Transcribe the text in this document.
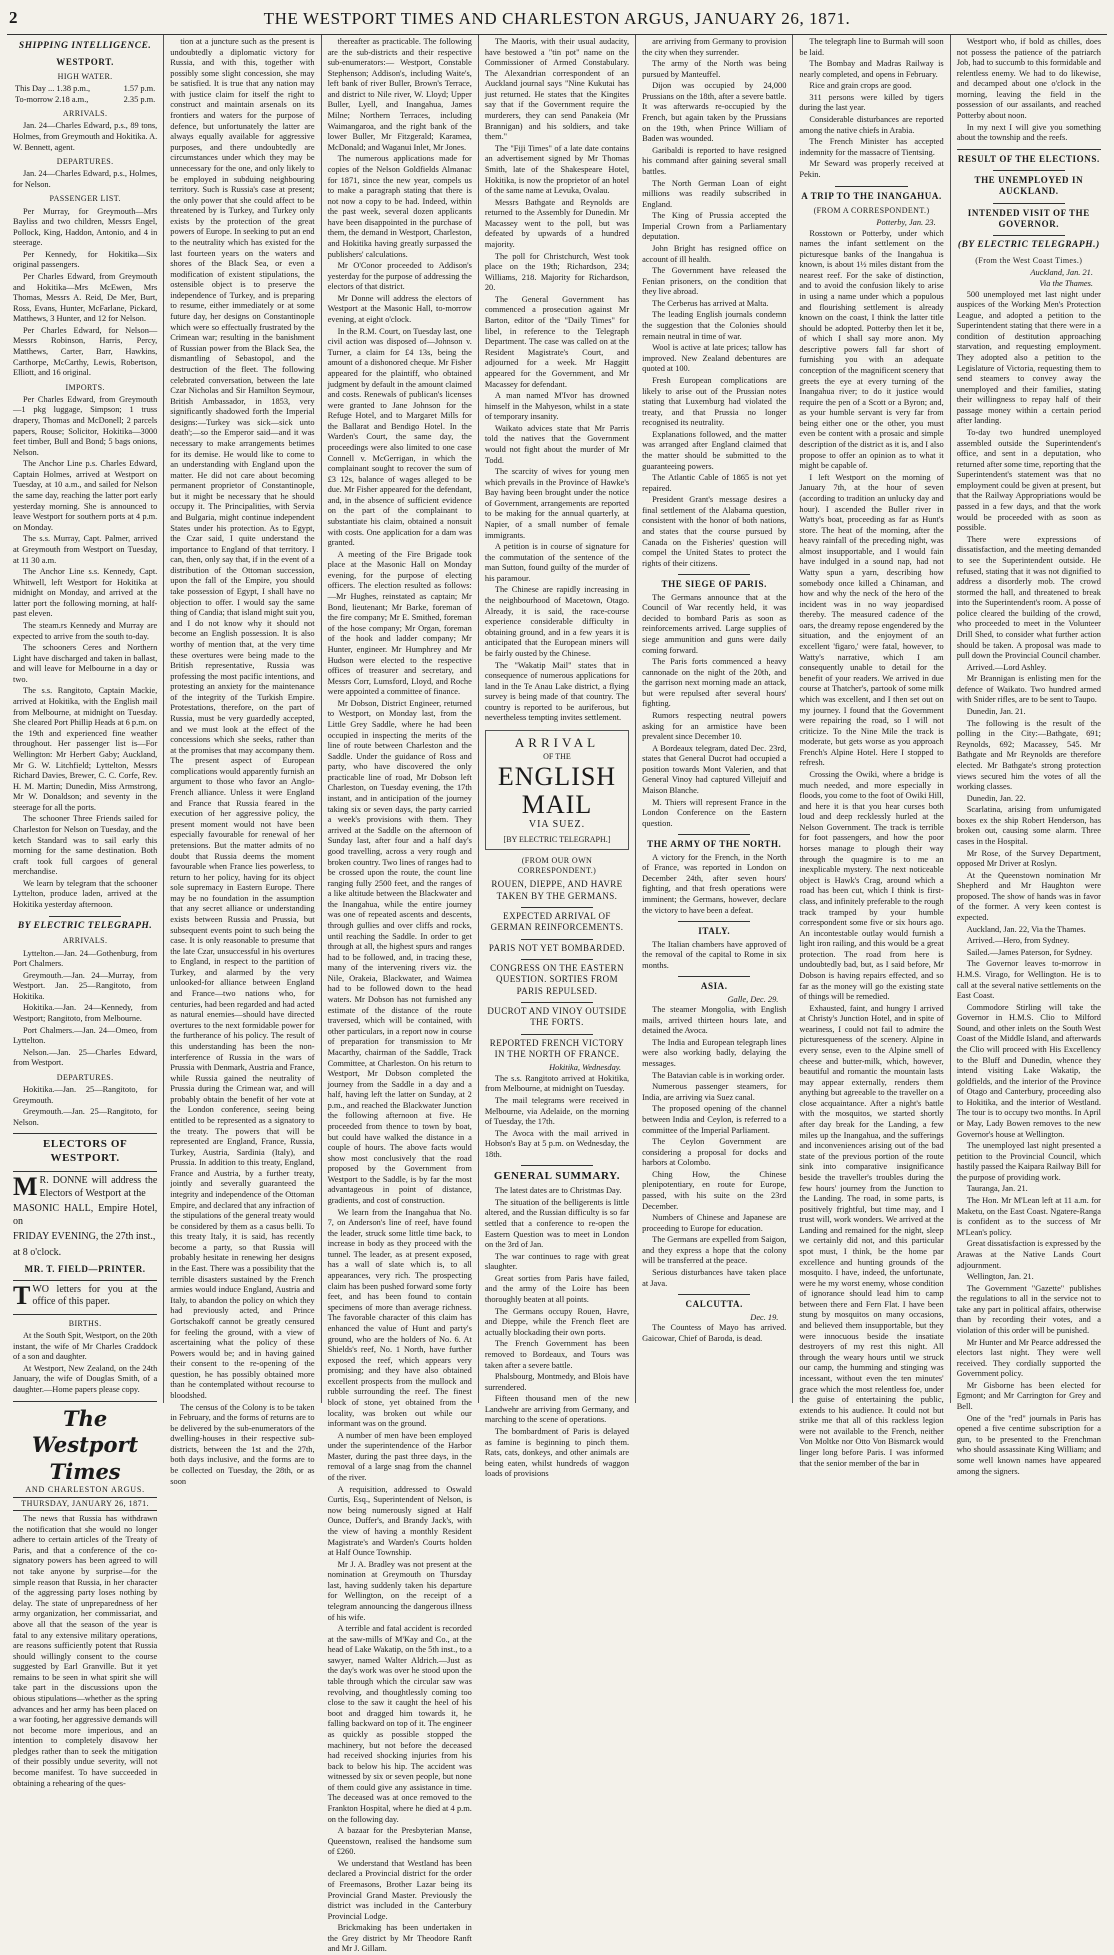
2	THE WESTPORT TIMES AND CHARLESTON ARGUS, JANUARY 26, 1871.
SHIPPING INTELLIGENCE.
WESTPORT.
HIGH WATER.
This Day ... 1.38 p.m.,	1.57 p.m.
To-morrow 2.18 a.m.,	2.35 p.m.
ARRIVALS.

Jan. 24—Charles Edward, p.s., 89 tons, Holmes, from Greymouth and Hokitika. A. W. Bennett, agent.

DEPARTURES.

Jan. 24—Charles Edward, p.s., Holmes, for Nelson.

PASSENGER LIST.

Per Murray, for Greymouth—Mrs Bayliss and two children, Messrs Engel, Pollock, King, Haddon, Antonio, and 4 in steerage.

Per Kennedy, for Hokitika—Six original passengers.

Per Charles Edward, from Greymouth and Hokitika—Mrs McEwen, Mrs Thomas, Messrs A. Reid, De Mer, Burt, Ross, Evans, Hunter, McFarlane, Pickard, Matthews, 3 Hunter, and 12 for Nelson.

Per Charles Edward, for Nelson—Messrs Robinson, Harris, Percy, Matthews, Carter, Barr, Hawkins, Carthorpe, McCarthy, Lewis, Robertson, Elliott, and 16 original.

IMPORTS.

Per Charles Edward, from Greymouth—1 pkg luggage, Simpson; 1 truss drapery, Thomas and McDonell; 2 parcels papers, Rouse; Solicitor, Hokitika—3000 feet timber, Bull and Bond; 5 bags onions, Nelson.

The Anchor Line p.s. Charles Edward, Captain Holmes, arrived at Westport on Tuesday, at 10 a.m., and sailed for Nelson the same day, reaching the latter port early yesterday morning. She is announced to leave Westport for southern ports at 4 p.m. on Monday.

The s.s. Murray, Capt. Palmer, arrived at Greymouth from Westport on Tuesday, at 11 30 a.m.

The Anchor Line s.s. Kennedy, Capt. Whitwell, left Westport for Hokitika at midnight on Monday, and arrived at the latter port the following morning, at half-past eleven.

The steam.rs Kennedy and Murray are expected to arrive from the south to-day.

The schooners Ceres and Northern Light have discharged and taken in ballast, and will leave for Melbourne in a day or two.

The s.s. Rangitoto, Captain Mackie, arrived at Hokitika, with the English mail from Melbourne, at midnight on Tuesday. She cleared Port Phillip Heads at 6 p.m. on the 19th and experienced fine weather throughout. Her passenger list is—For Wellington: Mr Herbert Gaby; Auckland, Mr G. W. Litchfield; Lyttelton, Messrs Richard Davies, Brewer, C. C. Corfe, Rev. H. M. Martin; Dunedin, Miss Armstrong, Mr W. Donaldson; and seventy in the steerage for all the ports.

The schooner Three Friends sailed for Charleston for Nelson on Tuesday, and the ketch Standard was to sail early this morning for the same destination. Both craft took full cargoes of general merchandise.

We learn by telegram that the schooner Lyttelton, produce laden, arrived at the Hokitika yesterday afternoon.

BY ELECTRIC TELEGRAPH.
ARRIVALS.

Lyttelton.—Jan. 24—Gothenburg, from Port Chalmers.

Greymouth.—Jan. 24—Murray, from Westport. Jan. 25—Rangitoto, from Hokitika.

Hokitika.—Jan. 24—Kennedy, from Westport; Rangitoto, from Melbourne.

Port Chalmers.—Jan. 24—Omeo, from Lyttelton.

Nelson.—Jan. 25—Charles Edward, from Westport.

DEPARTURES.

Hokitika.—Jan. 25—Rangitoto, for Greymouth.

Greymouth.—Jan. 25—Rangitoto, for Nelson.

ELECTORS OF WESTPORT.

M R. DONNE will address the Electors of Westport at the

MASONIC HALL, Empire Hotel, on

FRIDAY EVENING, the 27th inst.,

at 8 o'clock.

MR. T. FIELD—PRINTER.

TWO letters for you at the office of this paper.

BIRTHS.

At the South Spit, Westport, on the 20th instant, the wife of Mr Charles Craddock of a son and daughter.

At Westport, New Zealand, on the 24th January, the wife of Douglas Smith, of a daughter.—Home papers please copy.

The Westport Times
AND CHARLESTON ARGUS.
THURSDAY, JANUARY 26, 1871.

The news that Russia has withdrawn the notification that she would no longer adhere to certain articles of the Treaty of Paris, and that a conference of the co-signatory powers has been agreed to will not take anyone by surprise—for the simple reason that Russia, in her character of the aggressing party loses nothing by delay. The state of unpreparedness of her army organization, her commissariat, and above all that the season of the year is fatal to any extensive military operations, are reasons sufficiently potent that Russia should willingly consent to the course suggested by Earl Granville. But it yet remains to be seen in what spirit she will take part in the discussions upon the obious stipulations—whether as the spring advances and her army has been placed on a war footing, her aggressive demands will not become more imperious, and an intention to completely disavow her pledges rather than to seek the mitigation of their possibly undue severity, will not become manifest. To have succeeded in obtaining a rehearing of the ques-

tion at a juncture such as the present is undoubtedly a diplomatic victory for Russia, and with this, together with possibly some slight concession, she may be satisfied. It is true that any nation may with justice claim for itself the right to construct and maintain arsenals on its frontiers and waters for the purpose of defence, but unfortunately the latter are always equally available for aggressive purposes, and there undoubtedly are circumstances under which they may be unnecessary for the one, and only likely to be employed in subduing neighbouring territory. Such is Russia's case at present; the only power that she could affect to be threatened by is Turkey, and Turkey only exists by the protection of the great powers of Europe. In seeking to put an end to the neutrality which has existed for the last fourteen years on the waters and shores of the Black Sea, or even a modification of existent stipulations, the ostensible object is to preserve the independence of Turkey, and is preparing to resume, either immediately or at some future day, her designs on Constantinople which were so effectually frustrated by the Crimean war; resulting in the banishment of Russian power from the Black Sea, the dismantling of Sebastopol, and the destruction of the fleet. The following celebrated conversation, between the late Czar Nicholas and Sir Hamilton Seymour, British Ambassador, in 1853, very significantly shadowed forth the Imperial designs:—Turkey was sick—sick unto death';—so the Emperor said—and it was necessary to make arrangements betimes for its demise. He would like to come to an understanding with England upon the matter. He did not care about becoming permanent proprietor of Constantinople, but it might be necessary that he should occupy it. The Principalities, with Servia and Bulgaria, might continue independent States under his protection. As to Egypt, the Czar said, I quite understand the importance to England of that territory. I can, then, only say that, if in the event of a distribution of the Ottoman succession, upon the fall of the Empire, you should take possession of Egypt, I shall have no objection to offer. I would say the same thing of Candia; that island might suit you, and I do not know why it should not become an English possession. It is also worthy of mention that, at the very time these overtures were being made to the British representative, Russia was professing the most pacific intentions, and protesting an anxiety for the maintenance of the integrity of the Turkish Empire. Protestations, therefore, on the part of Russia, must be very guardedly accepted, and we must look at the effect of the concessions which she seeks, rather than at the promises that may accompany them. The present aspect of European complications would apparently furnish an argument to those who favor an Anglo-French alliance. Unless it were England and France that Russia feared in the execution of her aggressive policy, the present moment would not have been especially favourable for renewal of her pretensions. But the matter admits of no doubt that Russia deems the moment favourable when France lies powerless, to return to her policy, having for its object sole supremacy in Eastern Europe. There may be no foundation in the assumption that any secret alliance or understanding exists between Russia and Prussia, but subsequent events point to such being the case. It is only reasonable to presume that the late Czar, unsuccessful in his overtures to England, in respect to the partition of Turkey, and alarmed by the very unlooked-for alliance between England and France—two nations who, for centuries, had been regarded and had acted as natural enemies—should have directed overtures to the next formidable power for the furtherance of his policy. The result of this understanding has been the non-interference of Russia in the wars of Prussia with Denmark, Austria and France, while Russia gained the neutrality of Prussia during the Crimean war, and will probably obtain the benefit of her vote at the London conference, seeing being entitled to be represented as a signatory to the treaty. The powers that will be represented are England, France, Russia, Turkey, Austria, Sardinia (Italy), and Prussia. In addition to this treaty, England, France and Austria, by a further treaty, jointly and severally guaranteed the integrity and independence of the Ottoman Empire, and declared that any infraction of the stipulations of the general treaty would be considered by them as a casus belli. To this treaty Italy, it is said, has recently become a party, so that Russia will probably hesitate in renewing her designs in the East. There was a possibility that the terrible disasters sustained by the French armies would induce England, Austria and Italy, to abandon the policy on which they had previously acted, and Prince Gortschakoff cannot be greatly censured for feeling the ground, with a view of ascertaining what the policy of these Powers would be; and in having gained their consent to the re-opening of the question, he has possibly obtained more than he contemplated without recourse to bloodshed.

The census of the Colony is to be taken in February, and the forms of returns are to be delivered by the sub-enumerators of the dwelling-houses in their respective sub-districts, between the 1st and the 27th, both days inclusive, and the forms are to be collected on Tuesday, the 28th, or as soon

thereafter as practicable. The following are the sub-districts and their respective sub-enumerators:— Westport, Constable Stephenson; Addison's, including Waite's, left bank of river Buller, Brown's Terrace, and district to Nile river, W. Lloyd; Upper Buller, Lyell, and Inangahua, James Milne; Northern Terraces, including Waimangaroa, and the right bank of the lower Buller, Mr Fitzgerald; Karamea, McDonald; and Waganui Inlet, Mr Jones.

The numerous applications made for copies of the Nelson Goldfields Almanac for 1871, since the new year, compels us to make a paragraph stating that there is not now a copy to be had. Indeed, within the past week, several dozen applicants have been disappointed in the purchase of them, the demand in Westport, Charleston, and Hokitika having greatly surpassed the publishers' calculations.

Mr O'Conor proceeded to Addison's yesterday for the purpose of addressing the electors of that district.

Mr Donne will address the electors of Westport at the Masonic Hall, to-morrow evening, at eight o'clock.

In the R.M. Court, on Tuesday last, one civil action was disposed of—Johnson v. Turner, a claim for £4 13s, being the amount of a dishonored cheque. Mr Fisher appeared for the plaintiff, who obtained judgment by default in the amount claimed and costs. Renewals of publican's licenses were granted to Jane Johnson for the Refuge Hotel, and to Margaret Mills for the Ballarat and Bendigo Hotel. In the Warden's Court, the same day, the proceedings were also limited to one case Connell v. McGerrigan, in which the complainant sought to recover the sum of £3 12s, balance of wages alleged to be due. Mr Fisher appeared for the defendant, and, in the absence of sufficient evidence on the part of the complainant to substantiate his claim, obtained a nonsuit with costs. One application for a dam was granted.

A meeting of the Fire Brigade took place at the Masonic Hall on Monday evening, for the purpose of electing officers. The election resulted as follows:—Mr Hughes, reinstated as captain; Mr Bond, lieutenant; Mr Barke, foreman of the fire company; Mr E. Smithed, foreman of the hose company; Mr Organ, foreman of the hook and ladder company; Mr Hunter, engineer. Mr Humphrey and Mr Hudson were elected to the respective offices of treasurer and secretary, and Messrs Corr, Lumsford, Lloyd, and Roche were appointed a committee of finance.

Mr Dobson, District Engineer, returned to Westport, on Monday last, from the Little Grey Saddle, where he had been occupied in inspecting the merits of the line of route between Charleston and the Saddle. Under the guidance of Ross and party, who have discovered the only practicable line of road, Mr Dobson left Charleston, on Tuesday evening, the 17th instant, and in anticipation of the journey taking six or seven days, the party carried a week's provisions with them. They arrived at the Saddle on the afternoon of Sunday last, after four and a half day's good travelling, across a very rough and broken country. Two lines of ranges had to be crossed upon the route, the count line ranging fully 2500 feet, and the ranges of a like altitude between the Blackwater and the Inangahua, while the entire journey was one of repeated ascents and descents, through gullies and over cliffs and rocks, until reaching the Saddle. In order to get through at all, the highest spurs and ranges had to be followed, and, in tracing these, many of the intervening rivers viz. the Nile, Orakeia, Blackwater, and Waimea had to be followed down to the head waters. Mr Dobson has not furnished any estimate of the distance of the route traversed, which will be contained, with other particulars, in a report now in course of preparation for transmission to Mr Macarthy, chairman of the Saddle, Track Committee, at Charleston. On his return to Westport, Mr Dobson completed the journey from the Saddle in a day and a half, having left the latter on Sunday, at 2 p.m., and reached the Blackwater Junction the following afternoon at five. He proceeded from thence to town by boat, but could have walked the distance in a couple of hours. The above facts would show most conclusively that the road proposed by the Government from Westport to the Saddle, is by far the most advantageous in point of distance, gradients, and cost of construction.

We learn from the Inangahua that No. 7, on Anderson's line of reef, have found the leader, struck some little time back, to increase in body as they proceed with the tunnel. The leader, as at present exposed, has a wall of slate which is, to all appearances, very rich. The prospecting claim has been pushed forward some forty feet, and has been found to contain specimens of more than average richness. The favorable character of this claim has enhanced the value of Hunt and party's ground, who are the holders of No. 6. At Shields's reef, No. 1 North, have further exposed the reef, which appears very promising; and they have also obtained excellent prospects from the mullock and rubble surrounding the reef. The finest block of stone, yet obtained from the locality, was broken out while our informant was on the ground.

A number of men have been employed under the superintendence of the Harbor Master, during the past three days, in the removal of a large snag from the channel of the river.

A requisition, addressed to Oswald Curtis, Esq., Superintendent of Nelson, is now being numerously signed at Half Ounce, Duffer's, and Brandy Jack's, with the view of having a monthly Resident Magistrate's and Warden's Courts holden at Half Ounce Township.

Mr J. A. Bradley was not present at the nomination at Greymouth on Thursday last, having suddenly taken his departure for Wellington, on the receipt of a telegram announcing the dangerous illness of his wife.

A terrible and fatal accident is recorded at the saw-mills of M'Kay and Co., at the head of Lake Wakatip, on the 5th inst., to a sawyer, named Walter Aldrich.—Just as the day's work was over he stood upon the table through which the circular saw was revolving, and thoughtlessly coming too close to the saw it caught the heel of his boot and dragged him towards it, he falling backward on top of it. The engineer as quickly as possible stopped the machinery, but not before the deceased had received shocking injuries from his back to below his hip. The accident was witnessed by six or seven people, but none of them could give any assistance in time. The deceased was at once removed to the Frankton Hospital, where he died at 4 p.m. on the following day.

A bazaar for the Presbyterian Manse, Queenstown, realised the handsome sum of £260.

We understand that Westland has been declared a Provincial district for the order of Freemasons, Brother Lazar being its Provincial Grand Master. Previously the district was included in the Canterbury Provincial Lodge.

Brickmaking has been undertaken in the Grey district by Mr Theodore Ranft and Mr J. Gillam.

The Maoris, with their usual audacity, have bestowed a "tin pot" name on the Commissioner of Armed Constabulary. The Alexandrian correspondent of an Auckland journal says "Nine Kukutai has just returned. He states that the Kingites say that if the Government require the murderers, they can send Panakeia (Mr Brannigan) and his soldiers, and take them."

The "Fiji Times" of a late date contains an advertisement signed by Mr Thomas Smith, late of the Shakespeare Hotel, Hokitika, is now the proprietor of an hotel of the same name at Levuka, Ovalau.

Messrs Bathgate and Reynolds are returned to the Assembly for Dunedin. Mr Macassey went to the poll, but was defeated by upwards of a hundred majority.

The poll for Christchurch, West took place on the 19th; Richardson, 234; Williams, 218. Majority for Richardson, 20.

The General Government has commenced a prosecution against Mr Barton, editor of the "Daily Times" for libel, in reference to the Telegraph Department. The case was called on at the Resident Magistrate's Court, and adjourned for a week. Mr Haggitt appeared for the Government, and Mr Macassey for defendant.

A man named M'Ivor has drowned himself in the Mahyeson, whilst in a state of temporary insanity.

Waikato advices state that Mr Parris told the natives that the Government would not fight about the murder of Mr Todd.

The scarcity of wives for young men which prevails in the Province of Hawke's Bay having been brought under the notice of Government, arrangements are reported to be making for the annual quarterly, at Napier, of a small number of female immigrants.

A petition is in course of signature for the commutation of the sentence of the man Sutton, found guilty of the murder of his paramour.

The Chinese are rapidly increasing in the neighbourhood of Macetown, Otago. Already, it is said, the race-course experience considerable difficulty in obtaining ground, and in a few years it is anticipated that the European miners will be fairly ousted by the Chinese.

The "Wakatip Mail" states that in consequence of numerous applications for land in the Te Anau Lake district, a flying survey is being made of that country. The country is reported to be auriferous, but nevertheless tempting invites settlement.

ARRIVAL
OF THE
ENGLISH MAIL
VIA SUEZ.
[BY ELECTRIC TELEGRAPH.]
(FROM OUR OWN CORRESPONDENT.)
ROUEN, DIEPPE, AND HAVRE TAKEN BY THE GERMANS.
EXPECTED ARRIVAL OF GERMAN REINFORCEMENTS.
PARIS NOT YET BOMBARDED.
CONGRESS ON THE EASTERN QUESTION. SORTIES FROM PARIS REPULSED.
DUCROT AND VINOY OUTSIDE THE FORTS.
REPORTED FRENCH VICTORY IN THE NORTH OF FRANCE.
Hokitika, Wednesday.

The s.s. Rangitoto arrived at Hokitika, from Melbourne, at midnight on Tuesday.

The mail telegrams were received in Melbourne, via Adelaide, on the morning of Tuesday, the 17th.

The Avoca with the mail arrived in Hobson's Bay at 5 p.m. on Wednesday, the 18th.

GENERAL SUMMARY.

The latest dates are to Christmas Day.

The situation of the belligerents is little altered, and the Russian difficulty is so far settled that a conference to re-open the Eastern Question was to meet in London on the 3rd of Jan.

The war continues to rage with great slaughter.

Great sorties from Paris have failed, and the army of the Loire has been thoroughly beaten at all points.

The Germans occupy Rouen, Havre, and Dieppe, while the French fleet are actually blockading their own ports.

The French Government has been removed to Bordeaux, and Tours was taken after a severe battle.

Phalsbourg, Montmedy, and Blois have surrendered.

Fifteen thousand men of the new Landwehr are arriving from Germany, and marching to the scene of operations.

The bombardment of Paris is delayed as famine is beginning to pinch them. Rats, cats, donkeys, and other animals are being eaten, whilst hundreds of waggon loads of provisions

are arriving from Germany to provision the city when they surrender.

The army of the North was being pursued by Manteuffel.

Dijon was occupied by 24,000 Prussians on the 18th, after a severe battle. It was afterwards re-occupied by the French, but again taken by the Prussians on the 19th, when Prince William of Baden was wounded.

Garibaldi is reported to have resigned his command after gaining several small battles.

The North German Loan of eight millions was readily subscribed in England.

The King of Prussia accepted the Imperial Crown from a Parliamentary deputation.

John Bright has resigned office on account of ill health.

The Government have released the Fenian prisoners, on the condition that they live abroad.

The Cerberus has arrived at Malta.

The leading English journals condemn the suggestion that the Colonies should remain neutral in time of war.

Wool is active at late prices; tallow has improved. New Zealand debentures are quoted at 100.

Fresh European complications are likely to arise out of the Prussian notes stating that Luxemburg had violated the treaty, and that Prussia no longer recognised its neutrality.

Explanations followed, and the matter was arranged after England claimed that the matter should be submitted to the guaranteeing powers.

The Atlantic Cable of 1865 is not yet repaired.

President Grant's message desires a final settlement of the Alabama question, consistent with the honor of both nations, and states that the course pursued by Canada on the Fisheries' question will compel the United States to protect the rights of their citizens.

THE SIEGE OF PARIS.

The Germans announce that at the Council of War recently held, it was decided to bombard Paris as soon as reinforcements arrived. Large supplies of siege ammunition and guns were daily coming forward.

The Paris forts commenced a heavy cannonade on the night of the 20th, and the garrison next morning made an attack, but were repulsed after several hours' fighting.

Rumors respecting neutral powers asking for an armistice have been prevalent since December 10.

A Bordeaux telegram, dated Dec. 23rd, states that General Ducrot had occupied a position towards Mont Valerien, and that General Vinoy had captured Villejuif and Maison Blanche.

M. Thiers will represent France in the London Conference on the Eastern question.

THE ARMY OF THE NORTH.

A victory for the French, in the North of France, was reported in London on December 24th, after seven hours' fighting, and that fresh operations were imminent; the Germans, however, declare the victory to have been a defeat.

ITALY.

The Italian chambers have approved of the removal of the capital to Rome in six months.

ASIA.
Galle, Dec. 29.

The steamer Mongolia, with English mails, arrived thirteen hours late, and detained the Avoca.

The India and European telegraph lines were also working badly, delaying the messages.

The Batavian cable is in working order.

Numerous passenger steamers, for India, are arriving via Suez canal.

The proposed opening of the channel between India and Ceylon, is referred to a committee of the Imperial Parliament.

The Ceylon Government are considering a proposal for docks and harbors at Colombo.

Ching How, the Chinese plenipotentiary, en route for Europe, passed, with his suite on the 23rd December.

Numbers of Chinese and Japanese are proceeding to Europe for education.

The Germans are expelled from Saigon, and they express a hope that the colony will be transferred at the peace.

Serious disturbances have taken place at Java.

CALCUTTA.
Dec. 19.

The Countess of Mayo has arrived. Gaicowar, Chief of Baroda, is dead.

The telegraph line to Burmah will soon be laid.

The Bombay and Madras Railway is nearly completed, and opens in February.

Rice and grain crops are good.

311 persons were killed by tigers during the last year.

Considerable disturbances are reported among the native chiefs in Arabia.

The French Minister has accepted indemnity for the massacre of Tientsing.

Mr Seward was properly received at Pekin.

A TRIP TO THE INANGAHUA.
(FROM A CORRESPONDENT.)
Potterby, Jan. 23.

Rosstown or Potterby, under which names the infant settlement on the picturesque banks of the Inangahua is known, is about 1½ miles distant from the nearest reef. For the sake of distinction, and to avoid the confusion likely to arise in using a name under which a populous and flourishing settlement is already known on the coast, I think the latter title should be adopted. Potterby then let it be, of which I shall say more anon. My descriptive powers fall far short of furnishing you with an adequate conception of the magnificent scenery that greets the eye at every turning of the Inangahua river; to do it justice would require the pen of a Scott or a Byron; and, as your humble servant is very far from being either one or the other, you must even be content with a prosaic and simple description of the district as it is, and I also propose to offer an opinion as to what it might be capable of.

I left Westport on the morning of January 7th, at the hour of seven (according to tradition an unlucky day and hour). I ascended the Buller river in Watty's boat, proceeding as far as Hunt's store. The heat of the morning, after the heavy rainfall of the preceding night, was almost insupportable, and I would fain have indulged in a sound nap, had not Watty spun a yarn, describing how somebody once killed a Chinaman, and how and why the neck of the hero of the incident was in no way jeopardised thereby. The measured cadence of the oars, the dreamy repose engendered by the situation, and the enjoyment of an excellent 'figaro,' were fatal, however, to Watty's narrative, which I am consequently unable to detail for the benefit of your readers. We arrived in due course at Thatcher's, partook of some milk which was excellent, and I then set out on my journey. I found that the Government were repairing the road, so I will not criticize. To the Nine Mile the track is moderate, but gets worse as you approach French's Alpine Hotel. Here I stopped to refresh.

Crossing the Owiki, where a bridge is much needed, and more especially in floods, you come to the foot of Owiki Hill, and here it is that you hear curses both loud and deep recklessly hurled at the Nelson Government. The track is terrible for foot passengers, and how the poor horses manage to plough their way through the quagmire is to me an inexplicable mystery. The next noticeable object is Hawk's Crag, around which a road has been cut, which I think is first-class, and infinitely preferable to the rough track tramped by your humble correspondent some five or six hours ago. An incontestable outlay would furnish a light iron railing, and this would be a great protection. The road from here is undoubtedly bad, but, as I said before, Mr Dobson is having repairs effected, and so far as the money will go the existing state of things will be remedied.

Exhausted, faint, and hungry I arrived at Christy's Junction Hotel, and in spite of weariness, I could not fail to admire the picturesqueness of the scenery. Alpine in every sense, even to the Alpine smell of cheese and butter-milk, which, however, beautiful and romantic the mountain lasts may appear externally, renders them anything but agreeable to the traveller on a close acquaintance. After a night's battle with the mosquitos, we started shortly after day break for the Landing, a few miles up the Inangahua, and the sufferings and inconveniences arising out of the bad state of the previous portion of the route sink into comparative insignificance beside the traveller's troubles during the few hours' journey from the Junction to the Landing. The road, in some parts, is positively frightful, but time may, and I trust will, work wonders. We arrived at the Landing and remained for the night, sleep we certainly did not, and this particular spot must, I think, be the home par excellence and hunting grounds of the mosquito. I have, indeed, the unfortunate, were he my worst enemy, whose condition of ignorance should lead him to camp between there and Fern Flat. I have been stung by mosquitos on many occasions, and believed them insupportable, but they were innocuous beside the insatiate destroyers of my rest this night. All through the weary hours until we struck our camp, the humming and stinging was incessant, without even the ten minutes' grace which the most relentless foe, under the guise of entertaining the public, extends to his audience. It could not but strike me that all of this rackless legion were not available to the French, neither Von Moltke nor Otto Von Bismarck would linger long before Paris. I was informed that the senior member of the bar in

Westport who, if bold as chilles, does not possess the patience of the patriarch Job, had to succumb to this formidable and relentless enemy. We had to do likewise, and decamped about one o'clock in the morning, leaving the field in the possession of our assailants, and reached Potterby about noon.

In my next I will give you something about the township and the reefs.

RESULT OF THE ELECTIONS.
THE UNEMPLOYED IN AUCKLAND.
INTENDED VISIT OF THE GOVERNOR.
(BY ELECTRIC TELEGRAPH.)
(From the West Coast Times.)
Auckland, Jan. 21.
Via the Thames.

500 unemployed met last night under auspices of the Working Men's Protection League, and adopted a petition to the Superintendent stating that there were in a condition of destitution approaching starvation, and requesting employment. They adopted also a petition to the Legislature of Victoria, requesting them to send steamers to convey away the unemployed and their families, stating their willingness to repay half of their passage money within a certain period after landing.

To-day two hundred unemployed assembled outside the Superintendent's office, and sent in a deputation, who returned after some time, reporting that the Superintendent's statement was that no employment could be given at present, but that the Railway Appropriations would be passed in a few days, and that the work would be proceeded with as soon as possible.

There were expressions of dissatisfaction, and the meeting demanded to see the Superintendent outside. He refused, stating that it was not dignified to address a disorderly mob. The crowd stormed the hall, and threatened to break into the Superintendent's room. A posse of police cleared the building of the crowd, who proceeded to meet in the Volunteer Drill Shed, to consider what further action should be taken. A proposal was made to pull down the Provincial Council chamber.

Arrived.—Lord Ashley.

Mr Brannigan is enlisting men for the defence of Waikato. Two hundred armed with Snider rifles, are to be sent to Taupo.

Dunedin, Jan. 21.

The following is the result of the polling in the City:—Bathgate, 691; Reynolds, 692; Macassey, 545. Mr Bathgate and Mr Reynolds are therefore elected. Mr Bathgate's strong protection views secured him the votes of all the working classes.

Dunedin, Jan. 22.

Scarlatina, arising from unfumigated boxes ex the ship Robert Henderson, has broken out, causing some alarm. Three cases in the Hospital.

Mr Rose, of the Survey Department, opposed Mr Driver at Roslyn.

At the Queenstown nomination Mr Shepherd and Mr Haughton were proposed. The show of hands was in favor of the former. A very keen contest is expected.

Auckland, Jan. 22, Via the Thames.

Arrived.—Hero, from Sydney.

Sailed.—James Paterson, for Sydney.

The Governor leaves to-morrow in H.M.S. Virago, for Wellington. He is to call at the several native settlements on the East Coast.

Commodore Stirling will take the Governor in H.M.S. Clio to Milford Sound, and other inlets on the South West Coast of the Middle Island, and afterwards the Clio will proceed with His Excellency to the Bluff and Dunedin, whence they intend visiting Lake Wakatip, the goldfields, and the interior of the Province of Otago and Canterbury, proceeding also to Hokitika, and the interior of Westland. The tour is to occupy two months. In April or May, Lady Bowen removes to the new Governor's house at Wellington.

The unemployed last night presented a petition to the Provincial Council, which hastily passed the Kaipara Railway Bill for the purpose of providing work.

Tauranga, Jan. 21.

The Hon. Mr M'Lean left at 11 a.m. for Maketu, on the East Coast. Ngatere-Ranga is confident as to the success of Mr M'Lean's policy.

Great dissatisfaction is expressed by the Arawas at the Native Lands Court adjournment.

Wellington, Jan. 21.

The Government "Gazette" publishes the regulations to all in the service not to take any part in political affairs, otherwise than by recording their votes, and a violation of this order will be punished.

Mr Hunter and Mr Pearce addressed the electors last night. They were well received. They cordially supported the Government policy.

Mr Gisborne has been elected for Egmont; and Mr Carrington for Grey and Bell.

One of the "red" journals in Paris has opened a five centime subscription for a gun, to be presented to the Frenchman who should assassinate King William; and some well known names have appeared among the signers.
